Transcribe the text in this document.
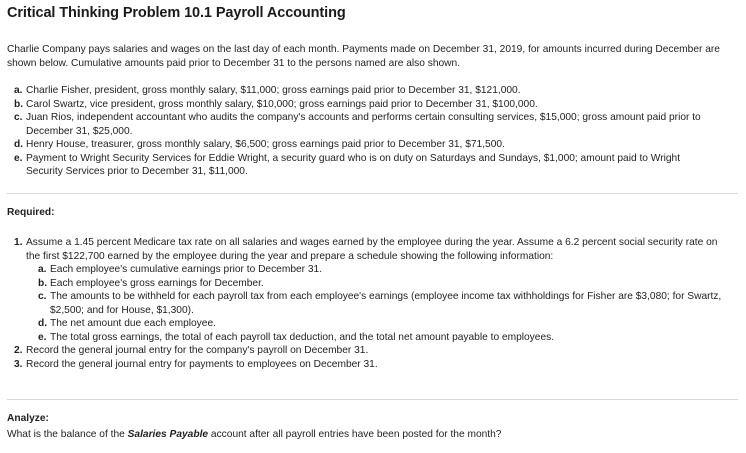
Critical Thinking Problem 10.1 Payroll Accounting

Charlie Company pays salaries and wages on the last day of each month. Payments made on December 31, 2019, for amounts incurred during December are shown below. Cumulative amounts paid prior to December 31 to the persons named are also shown.

a. Charlie Fisher, president, gross monthly salary, $11,000; gross earnings paid prior to December 31, $121,000.
b. Carol Swartz, vice president, gross monthly salary, $10,000; gross earnings paid prior to December 31, $100,000.
c. Juan Rios, independent accountant who audits the company's accounts and performs certain consulting services, $15,000; gross amount paid prior to December 31, $25,000.
d. Henry House, treasurer, gross monthly salary, $6,500; gross earnings paid prior to December 31, $71,500.
e. Payment to Wright Security Services for Eddie Wright, a security guard who is on duty on Saturdays and Sundays, $1,000; amount paid to Wright Security Services prior to December 31, $11,000.
Required:
1. Assume a 1.45 percent Medicare tax rate on all salaries and wages earned by the employee during the year. Assume a 6.2 percent social security rate on the first $122,700 earned by the employee during the year and prepare a schedule showing the following information:
a. Each employee's cumulative earnings prior to December 31.
b. Each employee's gross earnings for December.
c. The amounts to be withheld for each payroll tax from each employee's earnings (employee income tax withholdings for Fisher are $3,080; for Swartz, $2,500; and for House, $1,300).
d. The net amount due each employee.
e. The total gross earnings, the total of each payroll tax deduction, and the total net amount payable to employees.
2. Record the general journal entry for the company's payroll on December 31.
3. Record the general journal entry for payments to employees on December 31.
Analyze:

What is the balance of the Salaries Payable account after all payroll entries have been posted for the month?
